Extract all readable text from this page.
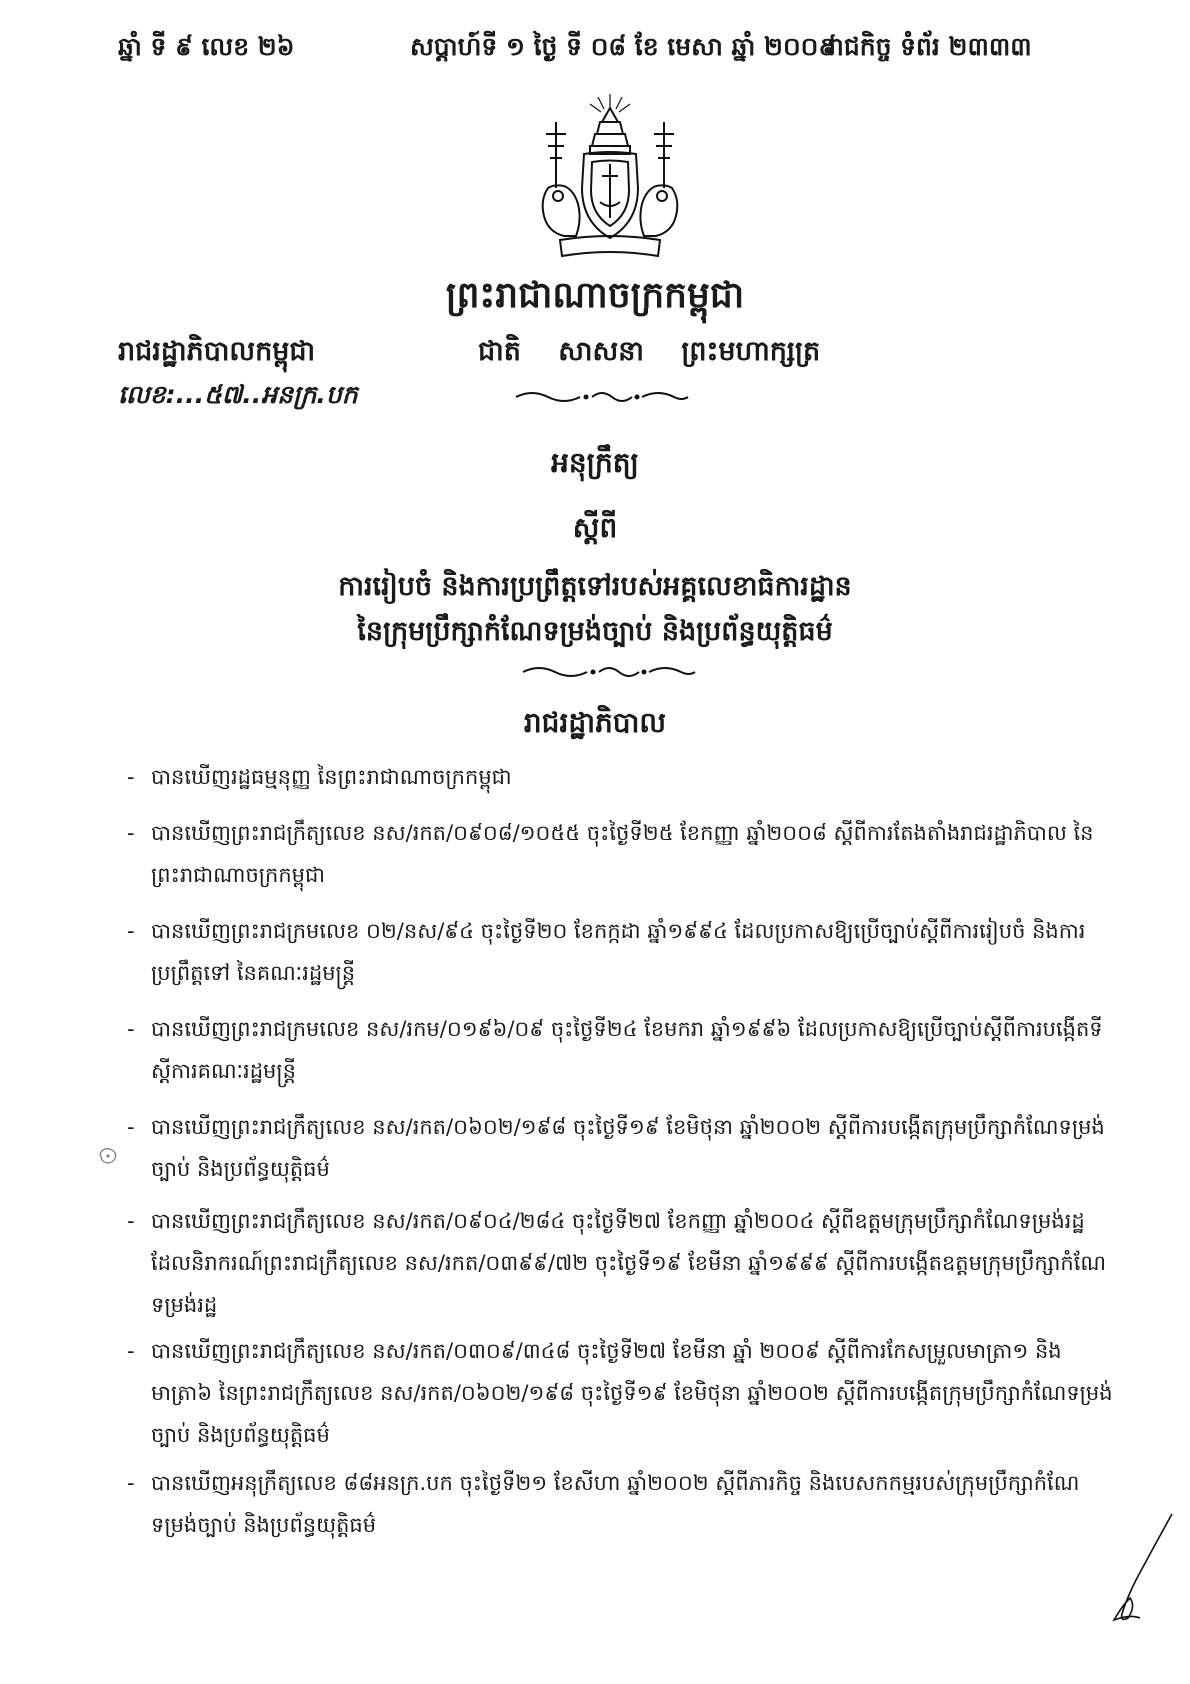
ឆ្នាំ ទី ៩ លេខ ២៦	សប្តាហ៍ទី ១ ថ្ងៃ ទី ០៨ ខែ មេសា ឆ្នាំ ២០០៩
រាជកិច្ច ទំព័រ ២៣៣៣
ព្រះរាជាណាចក្រកម្ពុជា
រាជរដ្ឋាភិបាលកម្ពុជា	ជាតិ សាសនា ព្រះមហាក្សត្រ
លេខ:...៥៧..អនក្រ.បក
អនុក្រឹត្យ
ស្តីពី
ការរៀបចំ និងការប្រព្រឹត្តទៅរបស់អគ្គលេខាធិការដ្ឋាន
នៃក្រុមប្រឹក្សាកំណែទម្រង់ច្បាប់ និងប្រព័ន្ធយុត្តិធម៌
រាជរដ្ឋាភិបាល
- បានឃើញរដ្ឋធម្មនុញ្ញ នៃព្រះរាជាណាចក្រកម្ពុជា
- បានឃើញព្រះរាជក្រឹត្យលេខ នស/រកត/០៩០៨/១០៥៥ ចុះថ្ងៃទី២៥ ខែកញ្ញា ឆ្នាំ២០០៨ ស្តីពីការតែងតាំងរាជរដ្ឋាភិបាល នៃព្រះរាជាណាចក្រកម្ពុជា
- បានឃើញព្រះរាជក្រមលេខ ០២/នស/៩៤ ចុះថ្ងៃទី២០ ខែកក្កដា ឆ្នាំ១៩៩៤ ដែលប្រកាសឱ្យប្រើច្បាប់ស្តីពីការរៀបចំ និងការប្រព្រឹត្តទៅ នៃគណៈរដ្ឋមន្ត្រី
- បានឃើញព្រះរាជក្រមលេខ នស/រកម/០១៩៦/០៩ ចុះថ្ងៃទី២៤ ខែមករា ឆ្នាំ១៩៩៦ ដែលប្រកាសឱ្យប្រើច្បាប់ស្តីពីការបង្កើតទីស្តីការគណៈរដ្ឋមន្ត្រី
- បានឃើញព្រះរាជក្រឹត្យលេខ នស/រកត/០៦០២/១៩៨ ចុះថ្ងៃទី១៩ ខែមិថុនា ឆ្នាំ២០០២ ស្តីពីការបង្កើតក្រុមប្រឹក្សាកំណែទម្រង់ច្បាប់ និងប្រព័ន្ធយុត្តិធម៌
- បានឃើញព្រះរាជក្រឹត្យលេខ នស/រកត/០៩០៤/២៨៤ ចុះថ្ងៃទី២៧ ខែកញ្ញា ឆ្នាំ២០០៤ ស្តីពីឧត្តមក្រុមប្រឹក្សាកំណែទម្រង់រដ្ឋ ដែលនិរាករណ៍ព្រះរាជក្រឹត្យលេខ នស/រកត/០៣៩៩/៧២ ចុះថ្ងៃទី១៩ ខែមីនា ឆ្នាំ១៩៩៩ ស្តីពីការបង្កើតឧត្តមក្រុមប្រឹក្សាកំណែទម្រង់រដ្ឋ
- បានឃើញព្រះរាជក្រឹត្យលេខ នស/រកត/០៣០៩/៣៤៨ ចុះថ្ងៃទី២៧ ខែមីនា ឆ្នាំ ២០០៩ ស្តីពីការកែសម្រួលមាត្រា១ និងមាត្រា៦ នៃព្រះរាជក្រឹត្យលេខ នស/រកត/០៦០២/១៩៨ ចុះថ្ងៃទី១៩ ខែមិថុនា ឆ្នាំ២០០២ ស្តីពីការបង្កើតក្រុមប្រឹក្សាកំណែទម្រង់ច្បាប់ និងប្រព័ន្ធយុត្តិធម៌
- បានឃើញអនុក្រឹត្យលេខ ៨៨អនក្រ.បក ចុះថ្ងៃទី២១ ខែសីហា ឆ្នាំ២០០២ ស្តីពីភារកិច្ច និងបេសកកម្មរបស់ក្រុមប្រឹក្សាកំណែទម្រង់ច្បាប់ និងប្រព័ន្ធយុត្តិធម៌
